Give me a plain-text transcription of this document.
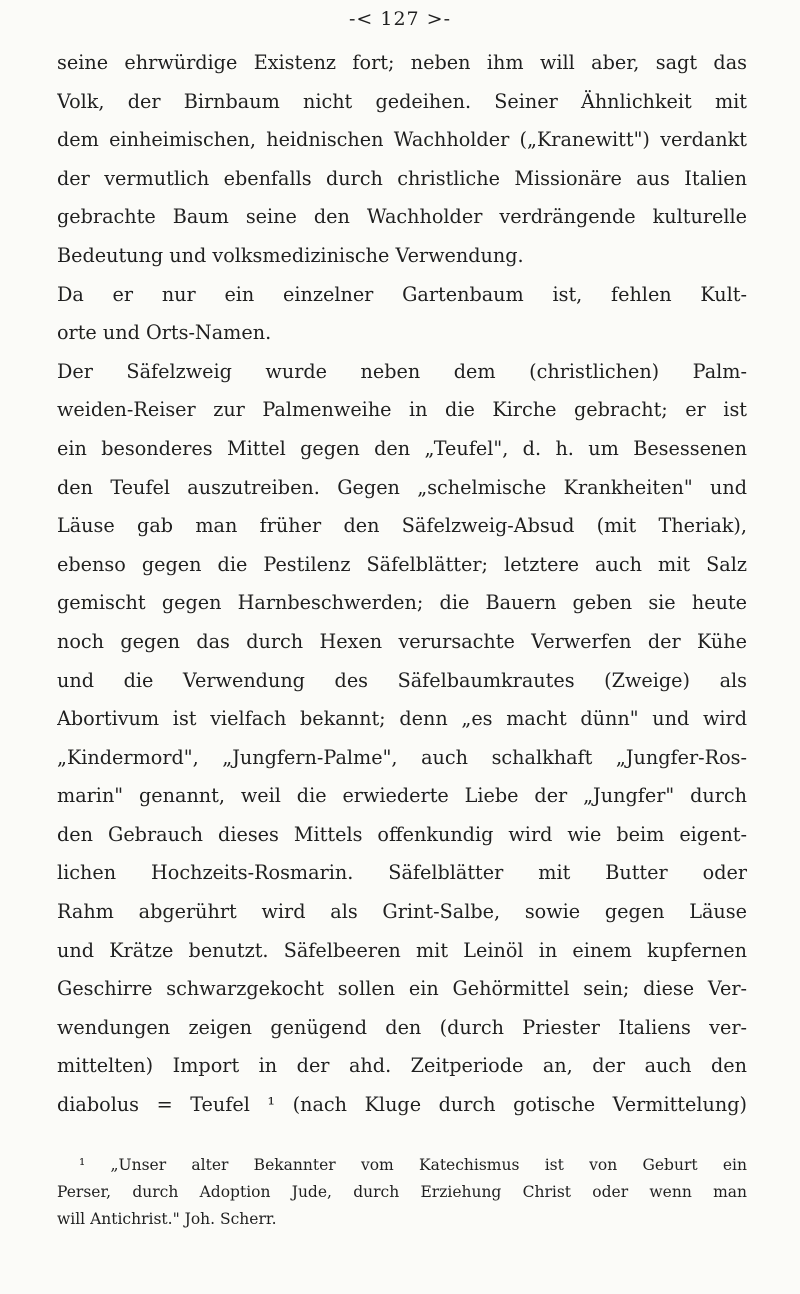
-< 127 >-
seine ehrwürdige Existenz fort; neben ihm will aber, sagt das
Volk, der Birnbaum nicht gedeihen. Seiner Ähnlichkeit mit
dem einheimischen, heidnischen Wachholder („Kranewitt") verdankt
der vermutlich ebenfalls durch christliche Missionäre aus Italien
gebrachte Baum seine den Wachholder verdrängende kulturelle
Bedeutung und volksmedizinische Verwendung.
Da er nur ein einzelner Gartenbaum ist, fehlen Kult-
orte und Orts-Namen.
Der Säfelzweig wurde neben dem (christlichen) Palm-
weiden-Reiser zur Palmenweihe in die Kirche gebracht; er ist
ein besonderes Mittel gegen den „Teufel", d. h. um Besessenen
den Teufel auszutreiben. Gegen „schelmische Krankheiten" und
Läuse gab man früher den Säfelzweig-Absud (mit Theriak),
ebenso gegen die Pestilenz Säfelblätter; letztere auch mit Salz
gemischt gegen Harnbeschwerden; die Bauern geben sie heute
noch gegen das durch Hexen verursachte Verwerfen der Kühe
und die Verwendung des Säfelbaumkrautes (Zweige) als
Abortivum ist vielfach bekannt; denn „es macht dünn" und wird
„Kindermord", „Jungfern-Palme", auch schalkhaft „Jungfer-Ros-
marin" genannt, weil die erwiederte Liebe der „Jungfer" durch
den Gebrauch dieses Mittels offenkundig wird wie beim eigent-
lichen Hochzeits-Rosmarin. Säfelblätter mit Butter oder
Rahm abgerührt wird als Grint-Salbe, sowie gegen Läuse
und Krätze benutzt. Säfelbeeren mit Leinöl in einem kupfernen
Geschirre schwarzgekocht sollen ein Gehörmittel sein; diese Ver-
wendungen zeigen genügend den (durch Priester Italiens ver-
mittelten) Import in der ahd. Zeitperiode an, der auch den
diabolus = Teufel ¹ (nach Kluge durch gotische Vermittelung)
¹ „Unser alter Bekannter vom Katechismus ist von Geburt ein
Perser, durch Adoption Jude, durch Erziehung Christ oder wenn man
will Antichrist." Joh. Scherr.
